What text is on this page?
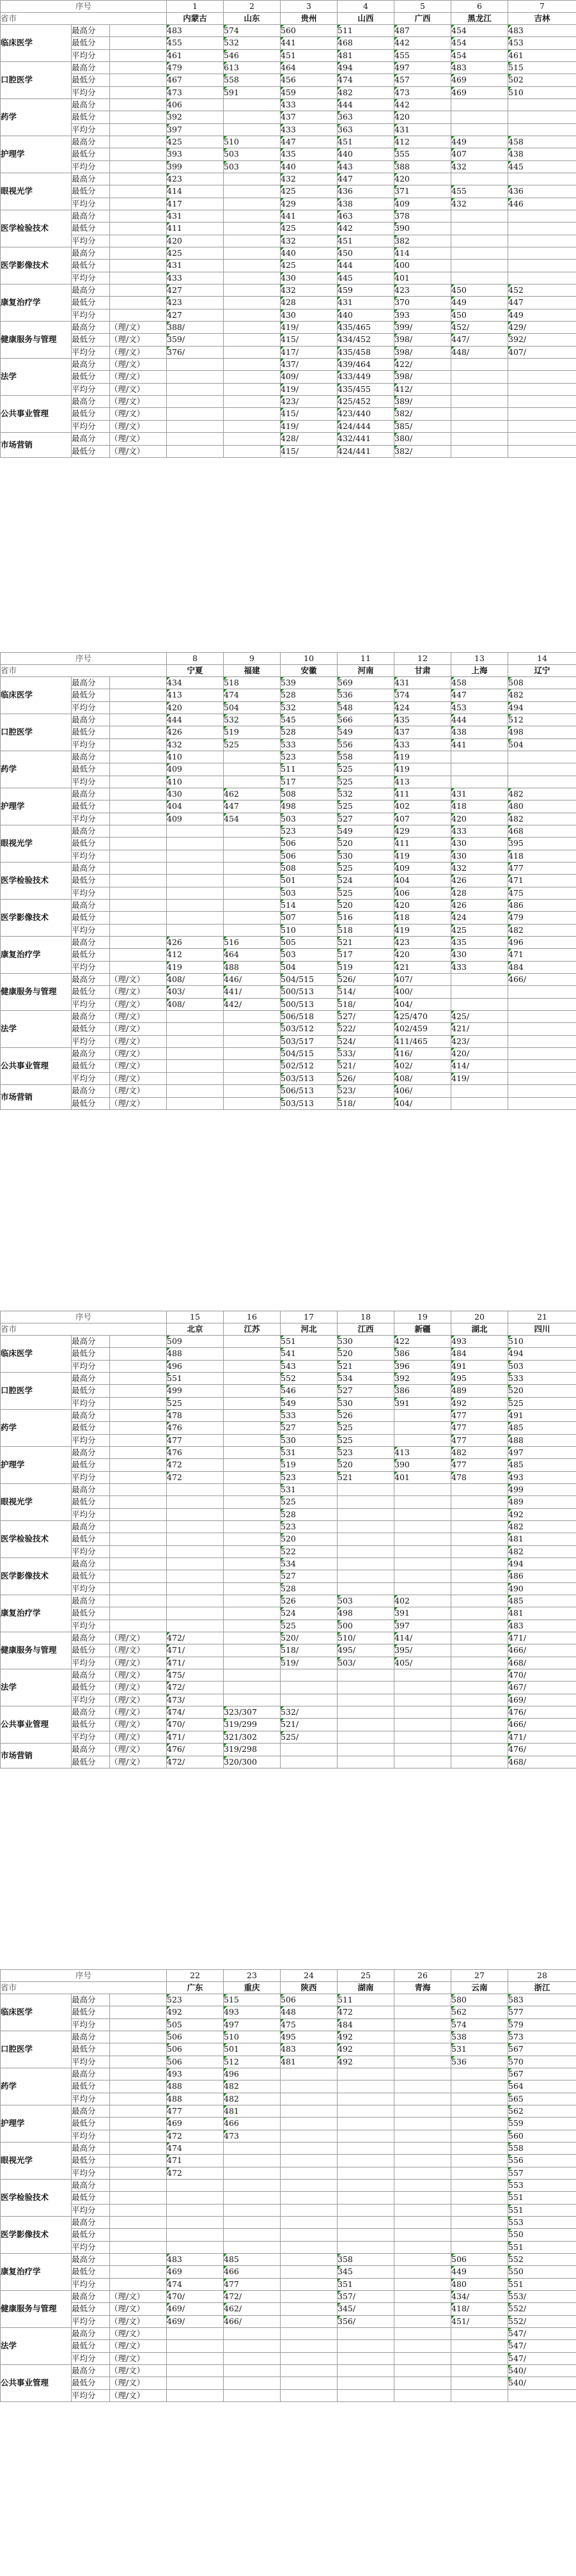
序号			1	2	3	4	5	6	7
省市			内蒙古	山东	贵州	山西	广西	黑龙江	吉林
临床医学	最高分		483	574	560	511	487	454	483
	最低分		455	532	441	468	442	454	453
	平均分		461	546	451	481	455	454	461
口腔医学	最高分		479	613	464	494	497	483	515
	最低分		467	558	456	474	457	469	502
	平均分		473	591	459	482	473	469	510
药学	最高分		406		433	444	442		
	最低分		392		437	363	420		
	平均分		397		433	363	431		
护理学	最高分		425	510	447	451	412	449	458
	最低分		393	503	435	440	355	407	438
	平均分		399	503	440	443	388	432	445
眼视光学	最高分		423		432	447	420		
	最低分		414		425	436	371	455	436
	平均分		417		429	438	409	432	446
医学检验技术	最高分		431		441	463	378		
	最低分		411		425	442	390		
	平均分		420		432	451	382		
医学影像技术	最高分		425		440	450	414		
	最低分		431		425	444	400		
	平均分		433		430	445	401		
康复治疗学	最高分		427		432	459	423	450	452
	最低分		423		428	431	370	449	447
	平均分		427		430	440	393	450	449
健康服务与管理	最高分	（理/文）	388/		419/	435/465	399/	452/	429/
	最低分	（理/文）	359/		415/	434/452	398/	447/	392/
	平均分	（理/文）	376/		417/	435/458	398/	448/	407/
法学	最高分	（理/文）			437/	439/464	422/		
	最低分	（理/文）			409/	433/449	398/		
	平均分	（理/文）			419/	435/455	412/		
公共事业管理	最高分	（理/文）			423/	425/452	389/		
	最低分	（理/文）			415/	423/440	382/		
	平均分	（理/文）			419/	424/444	385/		
市场营销	最高分	（理/文）			428/	432/441	380/		
	最低分	（理/文）			415/	424/441	382/		
序号			8	9	10	11	12	13	14
省市			宁夏	福建	安徽	河南	甘肃	上海	辽宁
临床医学	最高分		434	518	539	569	431	458	508
	最低分		413	474	528	536	374	447	482
	平均分		420	504	532	548	424	453	494
口腔医学	最高分		444	532	545	566	435	444	512
	最低分		426	519	528	549	437	438	498
	平均分		432	525	533	556	433	441	504
药学	最高分		410		523	558	419		
	最低分		409		511	525	419		
	平均分		410		517	525	413		
护理学	最高分		430	462	508	532	411	431	482
	最低分		404	447	498	525	402	418	480
	平均分		409	454	503	527	407	420	482
眼视光学	最高分				523	549	429	433	468
	最低分				506	520	411	430	395
	平均分				506	530	419	430	418
医学检验技术	最高分				508	525	409	432	477
	最低分				501	524	404	426	471
	平均分				503	525	406	428	475
医学影像技术	最高分				514	520	420	426	486
	最低分				507	516	418	424	479
	平均分				510	518	419	425	482
康复治疗学	最高分		426	516	505	521	423	435	496
	最低分		412	464	503	517	420	430	471
	平均分		419	488	504	519	421	433	484
健康服务与管理	最高分	（理/文）	408/	446/	504/515	526/	407/		466/
	最低分	（理/文）	403/	441/	500/513	514/	400/		
	平均分	（理/文）	408/	442/	500/513	518/	404/		
法学	最高分	（理/文）			506/518	527/	425/470	425/	
	最低分	（理/文）			503/512	522/	402/459	421/	
	平均分	（理/文）			503/517	524/	411/465	423/	
公共事业管理	最高分	（理/文）			504/515	533/	416/	420/	
	最低分	（理/文）			502/512	521/	402/	414/	
	平均分	（理/文）			503/513	526/	408/	419/	
市场营销	最高分	（理/文）			506/513	523/	406/		
	最低分	（理/文）			503/513	518/	404/		
序号			15	16	17	18	19	20	21
省市			北京	江苏	河北	江西	新疆	湖北	四川
临床医学	最高分		509		551	530	422	493	510
	最低分		488		541	520	386	484	494
	平均分		496		543	521	396	491	503
口腔医学	最高分		551		552	534	392	495	533
	最低分		499		546	527	386	489	520
	平均分		525		549	530	391	492	525
药学	最高分		478		533	526		477	491
	最低分		476		527	525		477	485
	平均分		477		530	525		477	488
护理学	最高分		476		531	523	413	482	497
	最低分		472		519	520	390	477	485
	平均分		472		523	521	401	478	493
眼视光学	最高分				531				499
	最低分				525				489
	平均分				528				492
医学检验技术	最高分				523				482
	最低分				520				481
	平均分				522				482
医学影像技术	最高分				534				494
	最低分				527				486
	平均分				528				490
康复治疗学	最高分				526	503	402		485
	最低分				524	498	391		481
	平均分				525	500	397		483
健康服务与管理	最高分	（理/文）	472/		520/	510/	414/		471/
	最低分	（理/文）	471/		518/	495/	395/		466/
	平均分	（理/文）	471/		519/	503/	405/		468/
法学	最高分	（理/文）	475/						470/
	最低分	（理/文）	472/						467/
	平均分	（理/文）	473/						469/
公共事业管理	最高分	（理/文）	474/	323/307	532/				476/
	最低分	（理/文）	470/	319/299	521/				466/
	平均分	（理/文）	471/	321/302	525/				471/
市场营销	最高分	（理/文）	476/	319/298					476/
	最低分	（理/文）	472/	320/300					468/
序号			22	23	24	25	26	27	28
省市			广东	重庆	陕西	湖南	青海	云南	浙江
临床医学	最高分		523	515	506	511		580	583
	最低分		492	493	448	472		562	577
	平均分		505	497	475	484		574	579
口腔医学	最高分		506	510	495	492		538	573
	最低分		506	501	483	492		531	567
	平均分		506	512	481	492		536	570
药学	最高分		493	496					567
	最低分		488	482					564
	平均分		488	482					565
护理学	最高分		477	481					562
	最低分		469	466					559
	平均分		472	473					560
眼视光学	最高分		474						558
	最低分		471						556
	平均分		472						557
医学检验技术	最高分								553
	最低分								551
	平均分								551
医学影像技术	最高分								553
	最低分								550
	平均分								551
康复治疗学	最高分		483	485		358		506	552
	最低分		469	466		345		449	550
	平均分		474	477		351		480	551
健康服务与管理	最高分	（理/文）	470/	472/		357/		434/	553/
	最低分	（理/文）	469/	462/		345/		418/	552/
	平均分	（理/文）	469/	466/		356/		451/	552/
法学	最高分	（理/文）							547/
	最低分	（理/文）							547/
	平均分	（理/文）							547/
公共事业管理	最高分	（理/文）							540/
	最低分	（理/文）							540/
	平均分	（理/文）							
